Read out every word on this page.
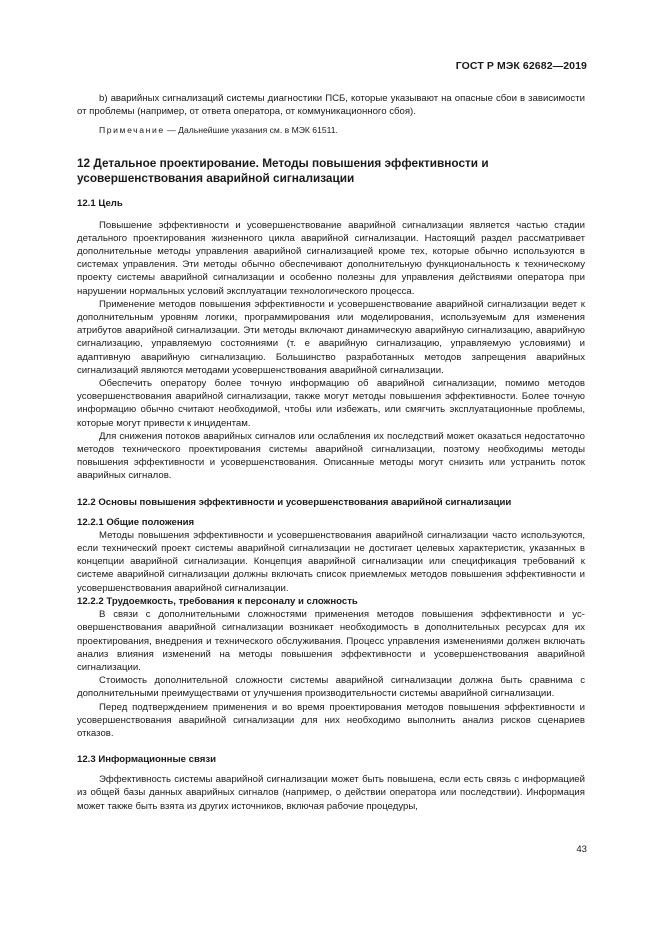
ГОСТ Р МЭК 62682—2019

b) аварийных сигнализаций системы диагностики ПСБ, которые указывают на опасные сбои в зависимости от проблемы (например, от ответа оператора, от коммуникационного сбоя).

Примечание — Дальнейшие указания см. в МЭК 61511.

12 Детальное проектирование. Методы повышения эффективности и усовершенствования аварийной сигнализации
12.1 Цель

Повышение эффективности и усовершенствование аварийной сигнализации является частью стадии детального проектирования жизненного цикла аварийной сигнализации. Настоящий раздел рассматривает дополнительные методы управления аварийной сигнализацией кроме тех, которые обычно используются в системах управления. Эти методы обычно обеспечивают дополнительную функциональность к техническому проекту системы аварийной сигнализации и особенно полезны для управления действиями оператора при нарушении нормальных условий эксплуатации технологического процесса.

Применение методов повышения эффективности и усовершенствование аварийной сигнализации ведет к дополнительным уровням логики, программирования или моделирования, используемым для изменения атрибутов аварийной сигнализации. Эти методы включают динамическую аварийную сигнализацию, аварийную сигнализацию, управляемую состояниями (т. е аварийную сигнализацию, управляемую условиями) и адаптивную аварийную сигнализацию. Большинство разработанных методов запрещения аварийных сигнализаций являются методами усовершенствования аварийной сигнализации.

Обеспечить оператору более точную информацию об аварийной сигнализации, помимо методов усовершенствования аварийной сигнализации, также могут методы повышения эффективности. Более точную информацию обычно считают необходимой, чтобы или избежать, или смягчить эксплуатационные проблемы, которые могут привести к инцидентам.

Для снижения потоков аварийных сигналов или ослабления их последствий может оказаться недостаточно методов технического проектирования системы аварийной сигнализации, поэтому необходимы методы повышения эффективности и усовершенствования. Описанные методы могут снизить или устранить поток аварийных сигналов.

12.2 Основы повышения эффективности и усовершенствования аварийной сигнализации
12.2.1 Общие положения

Методы повышения эффективности и усовершенствования аварийной сигнализации часто используются, если технический проект системы аварийной сигнализации не достигает целевых характеристик, указанных в концепции аварийной сигнализации. Концепция аварийной сигнализации или спецификация требований к системе аварийной сигнализации должны включать список приемлемых методов повышения эффективности и усовершенствования аварийной сигнализации.

12.2.2 Трудоемкость, требования к персоналу и сложность

В связи с дополнительными сложностями применения методов повышения эффективности и усовершенствования аварийной сигнализации возникает необходимость в дополнительных ресурсах для их проектирования, внедрения и технического обслуживания. Процесс управления изменениями должен включать анализ влияния изменений на методы повышения эффективности и усовершенствования аварийной сигнализации.

Стоимость дополнительной сложности системы аварийной сигнализации должна быть сравнима с дополнительными преимуществами от улучшения производительности системы аварийной сигнализации.

Перед подтверждением применения и во время проектирования методов повышения эффективности и усовершенствования аварийной сигнализации для них необходимо выполнить анализ рисков сценариев отказов.

12.3 Информационные связи

Эффективность системы аварийной сигнализации может быть повышена, если есть связь с информацией из общей базы данных аварийных сигналов (например, о действии оператора или последствии). Информация может также быть взята из других источников, включая рабочие процедуры,

43
